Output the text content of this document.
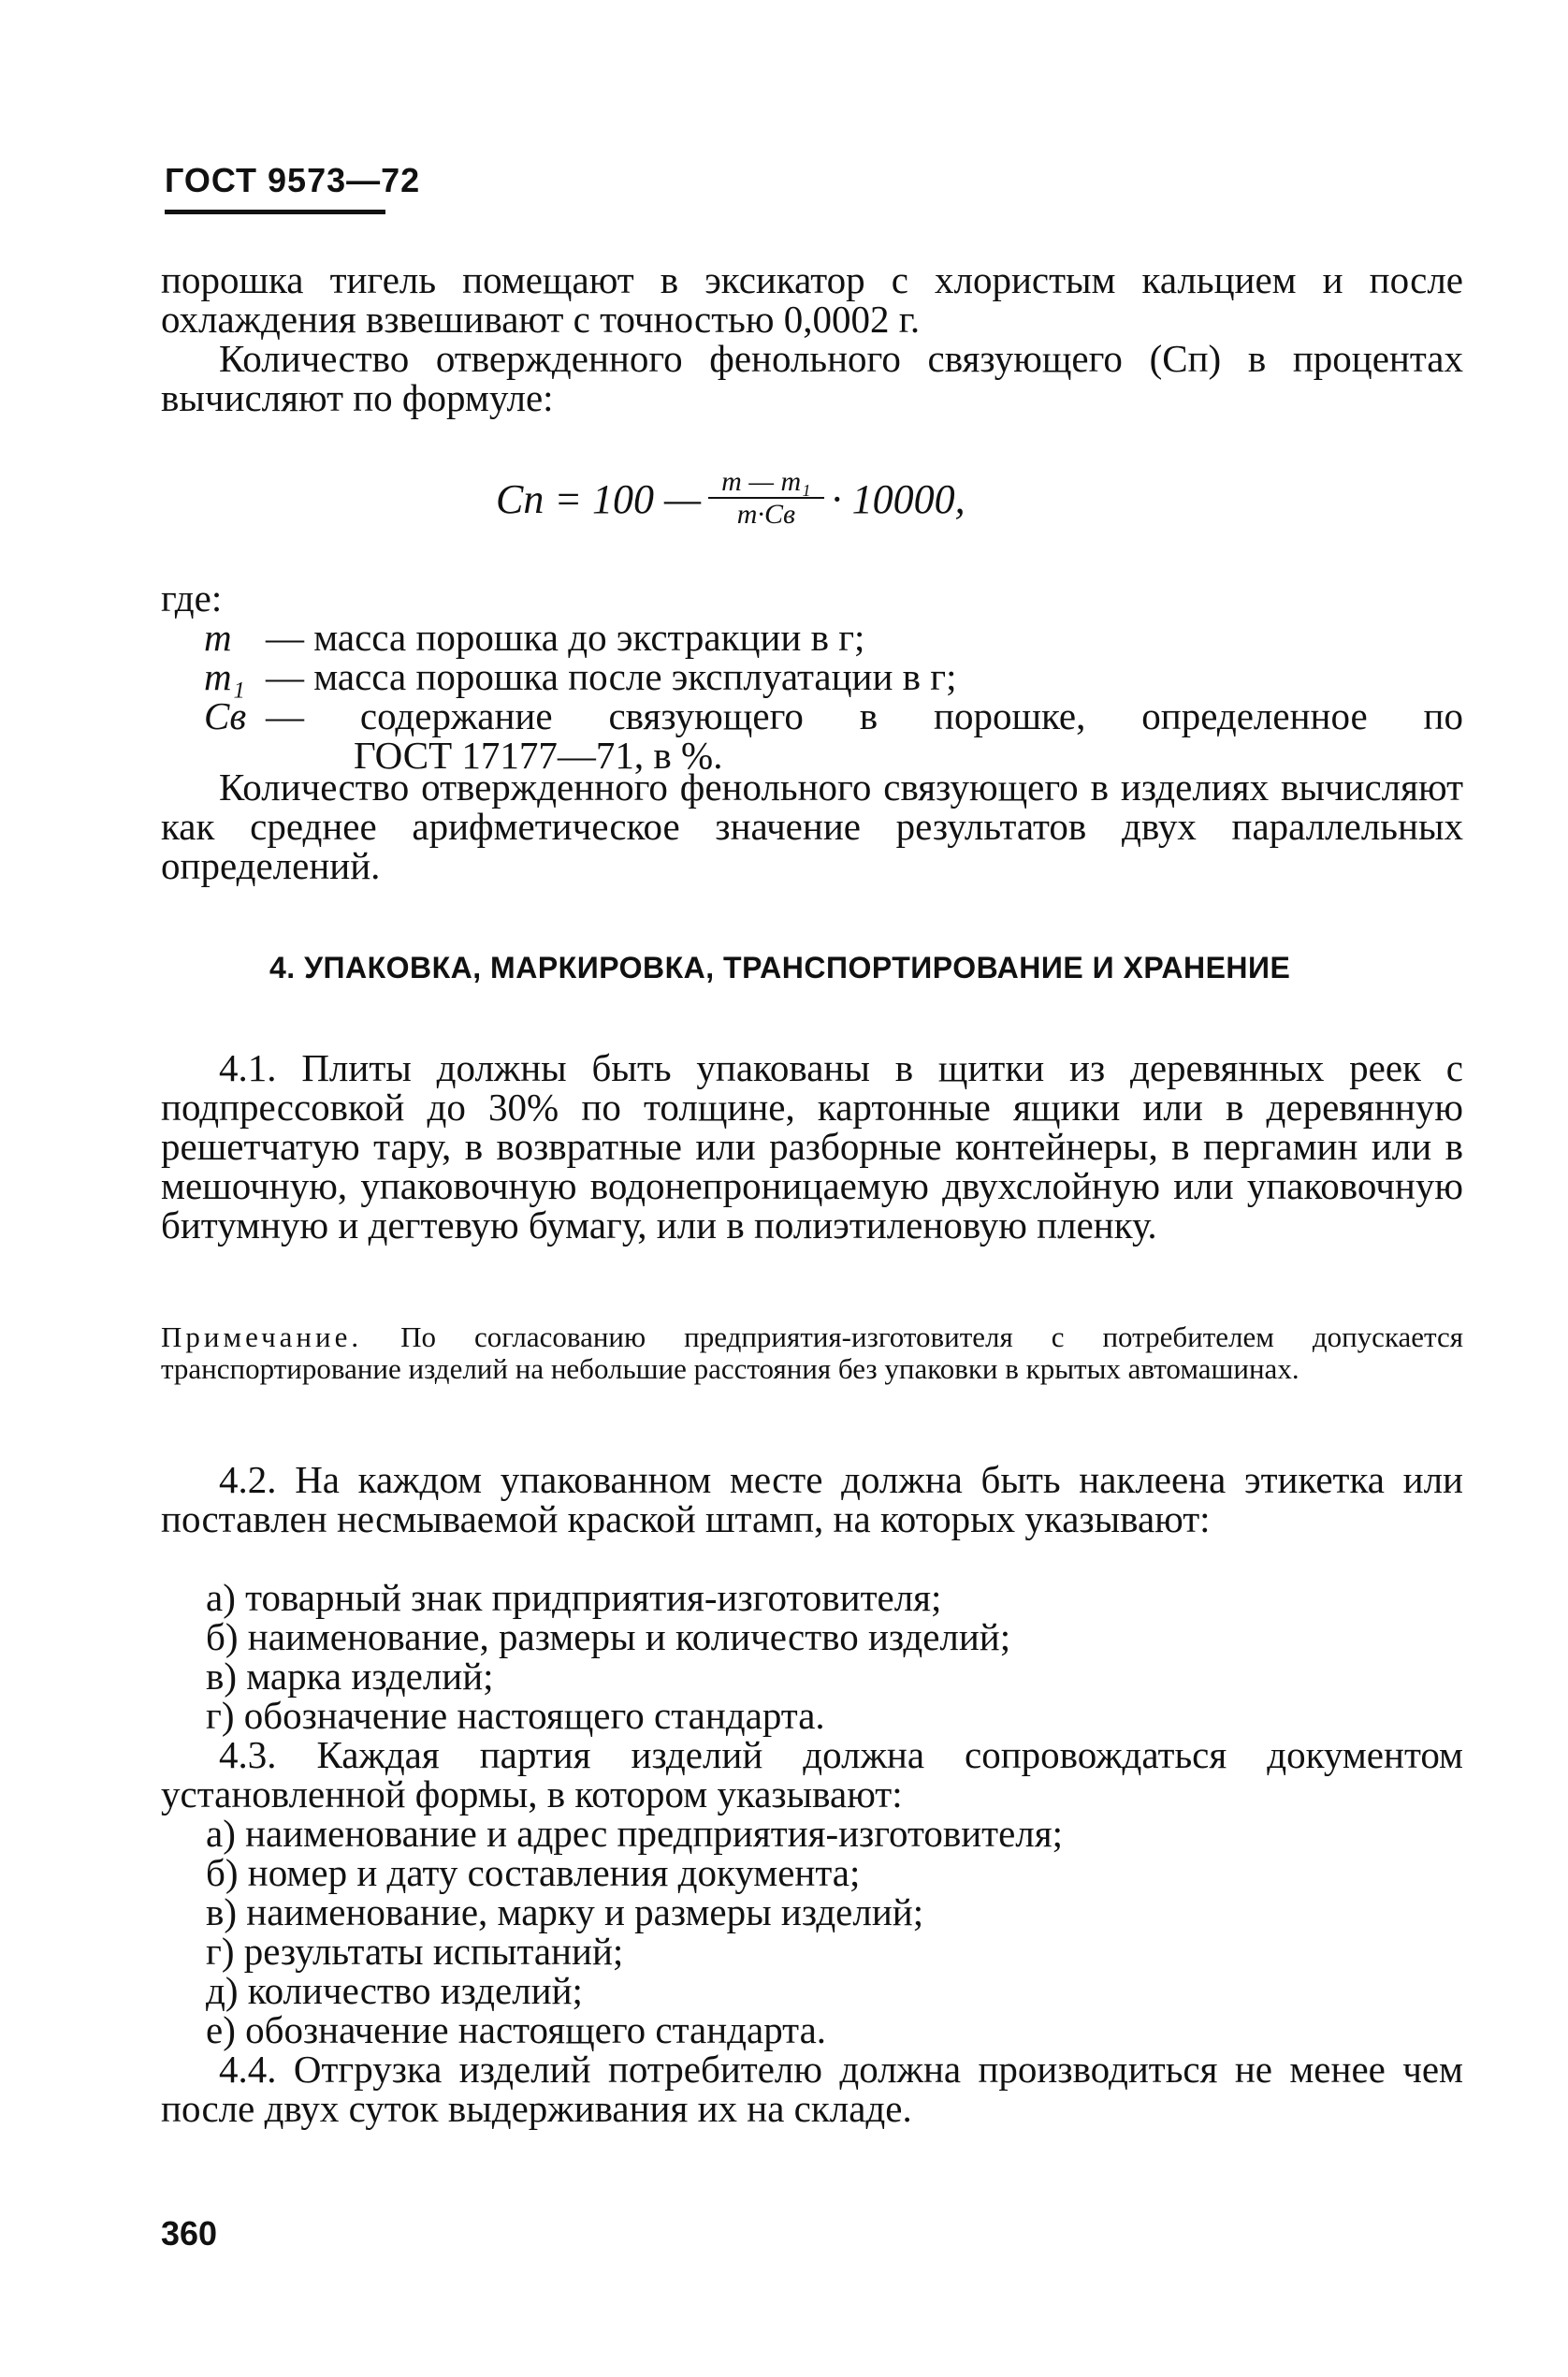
ГОСТ 9573—72
порошка тигель помещают в эксикатор с хлористым кальцием и после охлаждения взвешивают с точностью 0,0002 г.
Количество отвержденного фенольного связующего (Сп) в процентах вычисляют по формуле:
Сп = 100 — $\frac{\text{m — m₁}}{m\cdot Cв} \cdot 10000$,
где:
m — масса порошка до экстракции в г;
m₁ — масса порошка после эксплуатации в г;
Cв — содержание связующего в порошке, определенное по
ГОСТ 17177—71, в %.
Количество отвержденного фенольного связующего в изделиях вычисляют как среднее арифметическое значение результатов двух параллельных определений.
4. УПАКОВКА, МАРКИРОВКА, ТРАНСПОРТИРОВАНИЕ И ХРАНЕНИЕ
4.1. Плиты должны быть упакованы в щитки из деревянных реек с подпрессовкой до 30% по толщине, картонные ящики или в деревянную решетчатую тару, в возвратные или разборные контейнеры, в пергамин или в мешочную, упаковочную водонепроницаемую двухслойную или упаковочную битумную и дегтевую бумагу, или в полиэтиленовую пленку.
Примечание. По согласованию предприятия-изготовителя с потребителем допускается транспортирование изделий на небольшие расстояния без упаковки в крытых автомашинах.
4.2. На каждом упакованном месте должна быть наклеена этикетка или поставлен несмываемой краской штамп, на которых указывают:
а) товарный знак придприятия-изготовителя;
б) наименование, размеры и количество изделий;
в) марка изделий;
г) обозначение настоящего стандарта.
4.3. Каждая партия изделий должна сопровождаться документом установленной формы, в котором указывают:
а) наименование и адрес предприятия-изготовителя;
б) номер и дату составления документа;
в) наименование, марку и размеры изделий;
г) результаты испытаний;
д) количество изделий;
е) обозначение настоящего стандарта.
4.4. Отгрузка изделий потребителю должна производиться не менее чем после двух суток выдерживания их на складе.
360
